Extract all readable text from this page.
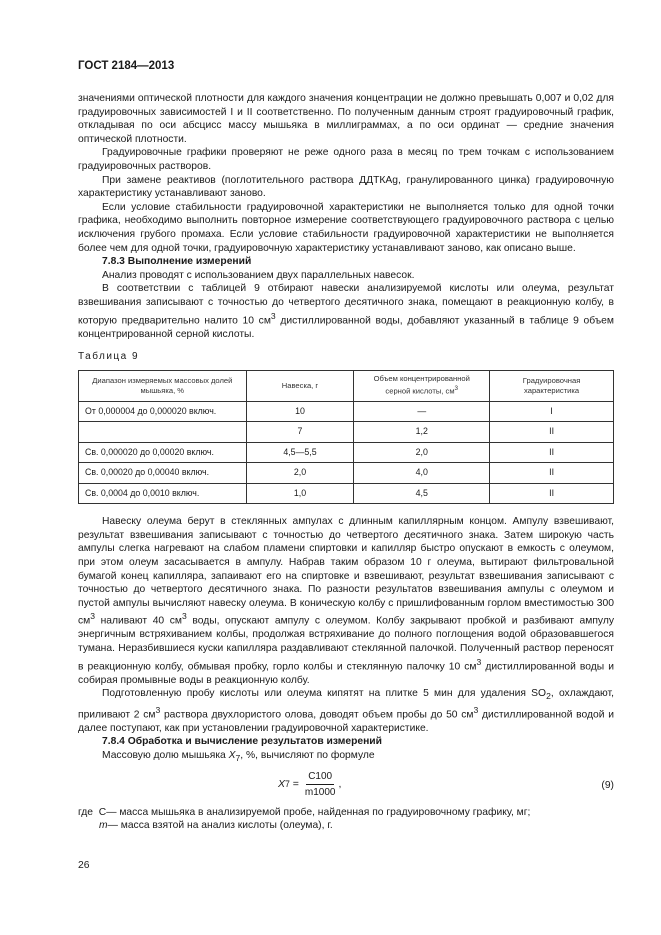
ГОСТ 2184—2013

значениями оптической плотности для каждого значения концентрации не должно превышать 0,007 и 0,02 для градуировочных зависимостей I и II соответственно. По полученным данным строят градуировочный график, откладывая по оси абсцисс массу мышьяка в миллиграммах, а по оси ординат — средние значения оптической плотности.

Градуировочные графики проверяют не реже одного раза в месяц по трем точкам с использованием градуировочных растворов.

При замене реактивов (поглотительного раствора ДДТКАg, гранулированного цинка) градуировочную характеристику устанавливают заново.

Если условие стабильности градуировочной характеристики не выполняется только для одной точки графика, необходимо выполнить повторное измерение соответствующего градуировочного раствора с целью исключения грубого промаха. Если условие стабильности градуировочной характеристики не выполняется более чем для одной точки, градуировочную характеристику устанавливают заново, как описано выше.

7.8.3 Выполнение измерений

Анализ проводят с использованием двух параллельных навесок.

В соответствии с таблицей 9 отбирают навески анализируемой кислоты или олеума, результат взвешивания записывают с точностью до четвертого десятичного знака, помещают в реакционную колбу, в которую предварительно налито 10 $см^3$ дистиллированной воды, добавляют указанный в таблице 9 объем концентрированной серной кислоты.

Таблица 9
Диапазон измеряемых массовых долей мышьяка, %	Навеска, г	Объем концентрированной серной кислоты, $см^3$	Градуировочная характеристика
От 0,000004 до 0,000020 включ.	10	—	I
	7	1,2	II
Св. 0,000020 до 0,00020 включ.	4,5—5,5	2,0	II
Св. 0,00020 до 0,00040 включ.	2,0	4,0	II
Св. 0,0004 до 0,0010 включ.	1,0	4,5	II

Навеску олеума берут в стеклянных ампулах с длинным капиллярным концом. Ампулу взвешивают, результат взвешивания записывают с точностью до четвертого десятичного знака. Затем широкую часть ампулы слегка нагревают на слабом пламени спиртовки и капилляр быстро опускают в емкость с олеумом, при этом олеум засасывается в ампулу. Набрав таким образом 10 г олеума, вытирают фильтровальной бумагой конец капилляра, запаивают его на спиртовке и взвешивают, результат взвешивания записывают с точностью до четвертого десятичного знака. По разности результатов взвешивания ампулы с олеумом и пустой ампулы вычисляют навеску олеума. В коническую колбу с пришлифованным горлом вместимостью 300 $см^3$ наливают 40 $см^3$ воды, опускают ампулу с олеумом. Колбу закрывают пробкой и разбивают ампулу энергичным встряхиванием колбы, продолжая встряхивание до полного поглощения водой образовавшегося тумана. Неразбившиеся куски капилляра раздавливают стеклянной палочкой. Полученный раствор переносят в реакционную колбу, обмывая пробку, горло колбы и стеклянную палочку 10 $см^3$ дистиллированной воды и собирая промывные воды в реакционную колбу.

Подготовленную пробу кислоты или олеума кипятят на плитке 5 мин для удаления $SO_2$, охлаждают, приливают 2 $см^3$ раствора двухлористого олова, доводят объем пробы до 50 $см^3$ дистиллированной водой и далее поступают, как при установлении градуировочной характеристике.

7.8.4 Обработка и вычисление результатов измерений

Массовую долю мышьяка $X_7$, %, вычисляют по формуле

X $7 = \frac{C100}{m1000}$ ,	(9)
где  C — масса мышьяка в анализируемой пробе, найденная по градуировочному графику, мг;
m — масса взятой на анализ кислоты (олеума), г.
26
